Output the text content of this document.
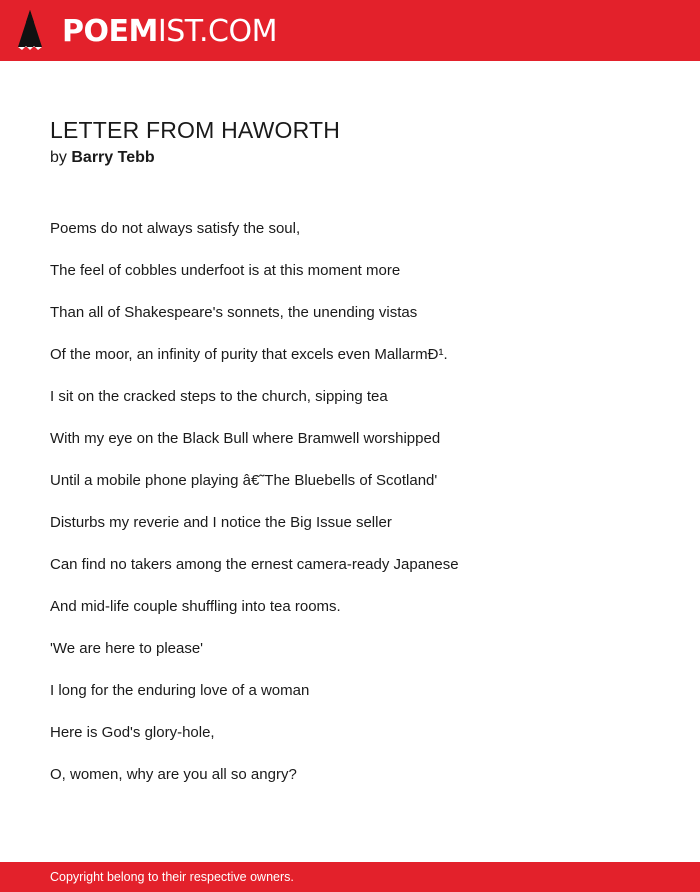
POEM IST.COM
LETTER FROM HAWORTH
by Barry Tebb
Poems do not always satisfy the soul,
The feel of cobbles underfoot is at this moment more
Than all of Shakespeare's sonnets, the unending vistas
Of the moor, an infinity of purity that excels even MallarmÐ¹.
I sit on the cracked steps to the church, sipping tea
With my eye on the Black Bull where Bramwell worshipped
Until a mobile phone playing â€˜The Bluebells of Scotland'
Disturbs my reverie and I notice the Big Issue seller
Can find no takers among the ernest camera-ready Japanese
And mid-life couple shuffling into tea rooms.
'We are here to please'
I long for the enduring love of a woman
Here is God's glory-hole,
O, women, why are you all so angry?
Copyright belong to their respective owners.
